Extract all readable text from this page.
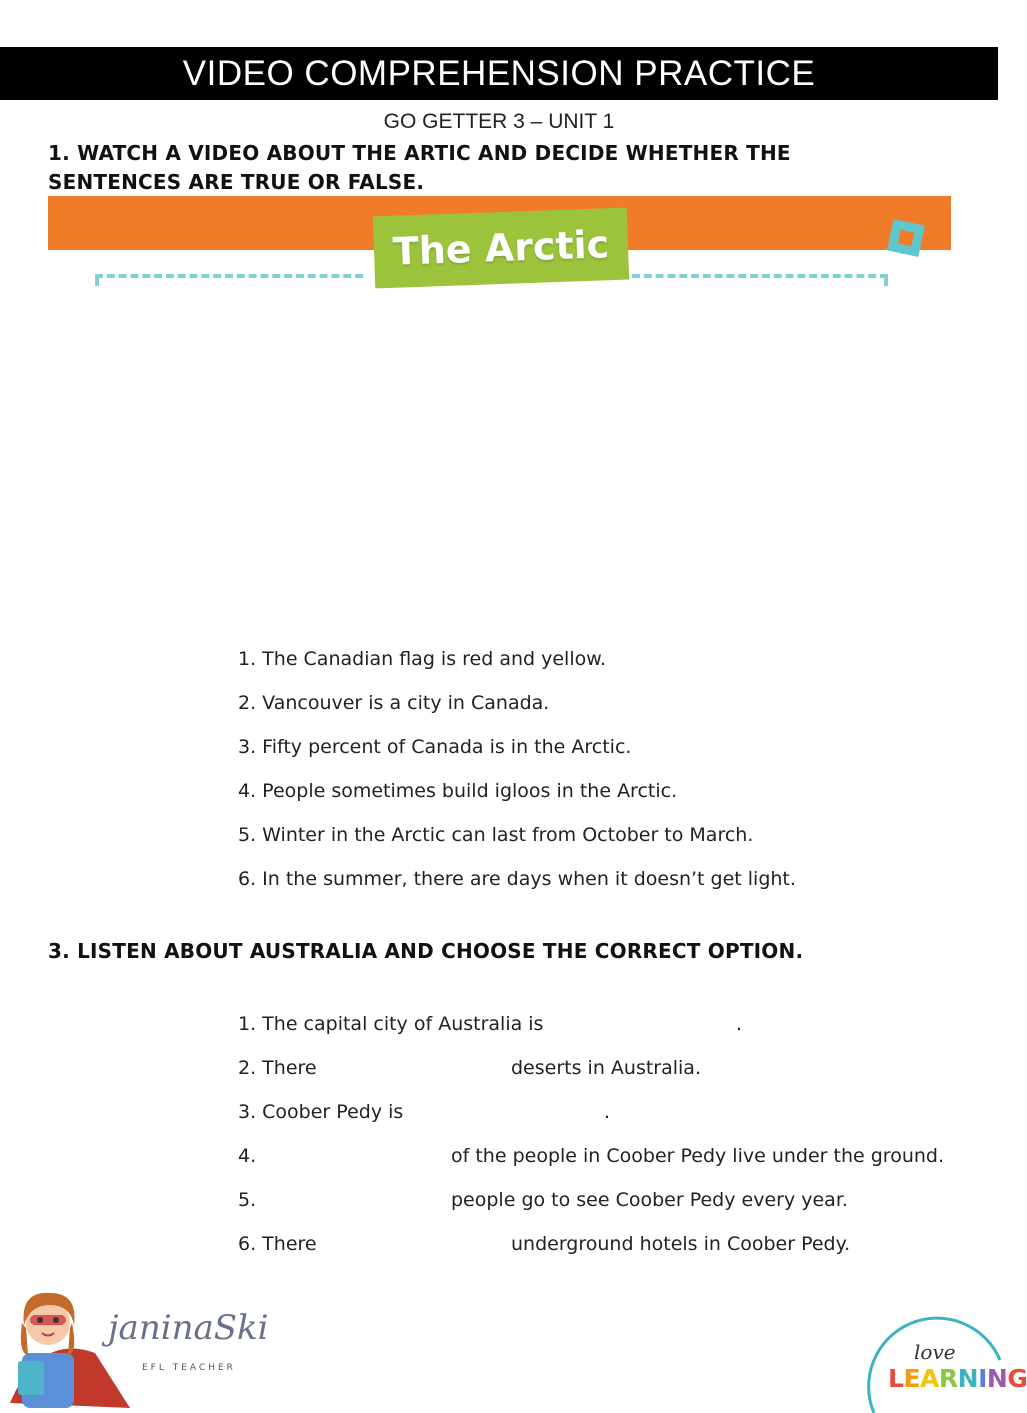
VIDEO COMPREHENSION PRACTICE
GO GETTER 3 – UNIT 1
1. WATCH A VIDEO ABOUT THE ARTIC AND DECIDE WHETHER THE
SENTENCES ARE TRUE OR FALSE.
The Arctic
1. The Canadian flag is red and yellow.
2. Vancouver is a city in Canada.
3. Fifty percent of Canada is in the Arctic.
4. People sometimes build igloos in the Arctic.
5. Winter in the Arctic can last from October to March.
6. In the summer, there are days when it doesn’t get light.
3. LISTEN ABOUT AUSTRALIA AND CHOOSE THE CORRECT OPTION.
1. The capital city of Australia is	.
2. There	deserts in Australia.
3. Coober Pedy is	.
4.	of the people in Coober Pedy live under the ground.
5.	people go to see Coober Pedy every year.
6. There	underground hotels in Coober Pedy.
janinaSki
EFL TEACHER
love
LEARNING
